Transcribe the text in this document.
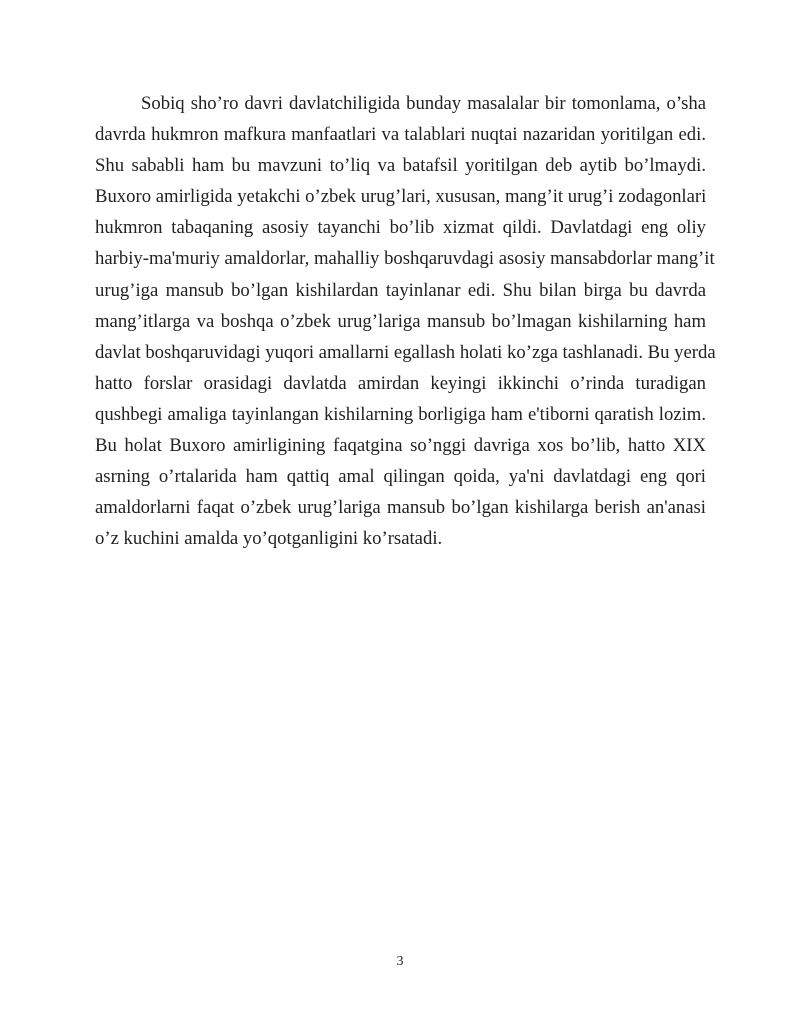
Sobiq sho’ro davri davlatchiligida bunday masalalar bir tomonlama, o’sha
davrda hukmron mafkura manfaatlari va talablari nuqtai nazaridan yoritilgan edi.
Shu sababli ham bu mavzuni to’liq va batafsil yoritilgan deb aytib bo’lmaydi.
Buxoro amirligida yetakchi o’zbek urug’lari, xususan, mang’it urug’i zodagonlari
hukmron tabaqaning asosiy tayanchi bo’lib xizmat qildi. Davlatdagi eng oliy
harbiy-ma'muriy amaldorlar, mahalliy boshqaruvdagi asosiy mansabdorlar mang’it
urug’iga mansub bo’lgan kishilardan tayinlanar edi. Shu bilan birga bu davrda
mang’itlarga va boshqa o’zbek urug’lariga mansub bo’lmagan kishilarning ham
davlat boshqaruvidagi yuqori amallarni egallash holati ko’zga tashlanadi. Bu yerda
hatto forslar orasidagi davlatda amirdan keyingi ikkinchi o’rinda turadigan
qushbegi amaliga tayinlangan kishilarning borligiga ham e'tiborni qaratish lozim.
Bu holat Buxoro amirligining faqatgina so’nggi davriga xos bo’lib, hatto XIX
asrning o’rtalarida ham qattiq amal qilingan qoida, ya'ni davlatdagi eng qori
amaldorlarni faqat o’zbek urug’lariga mansub bo’lgan kishilarga berish an'anasi
o’z kuchini amalda yo’qotganligini ko’rsatadi.
3
